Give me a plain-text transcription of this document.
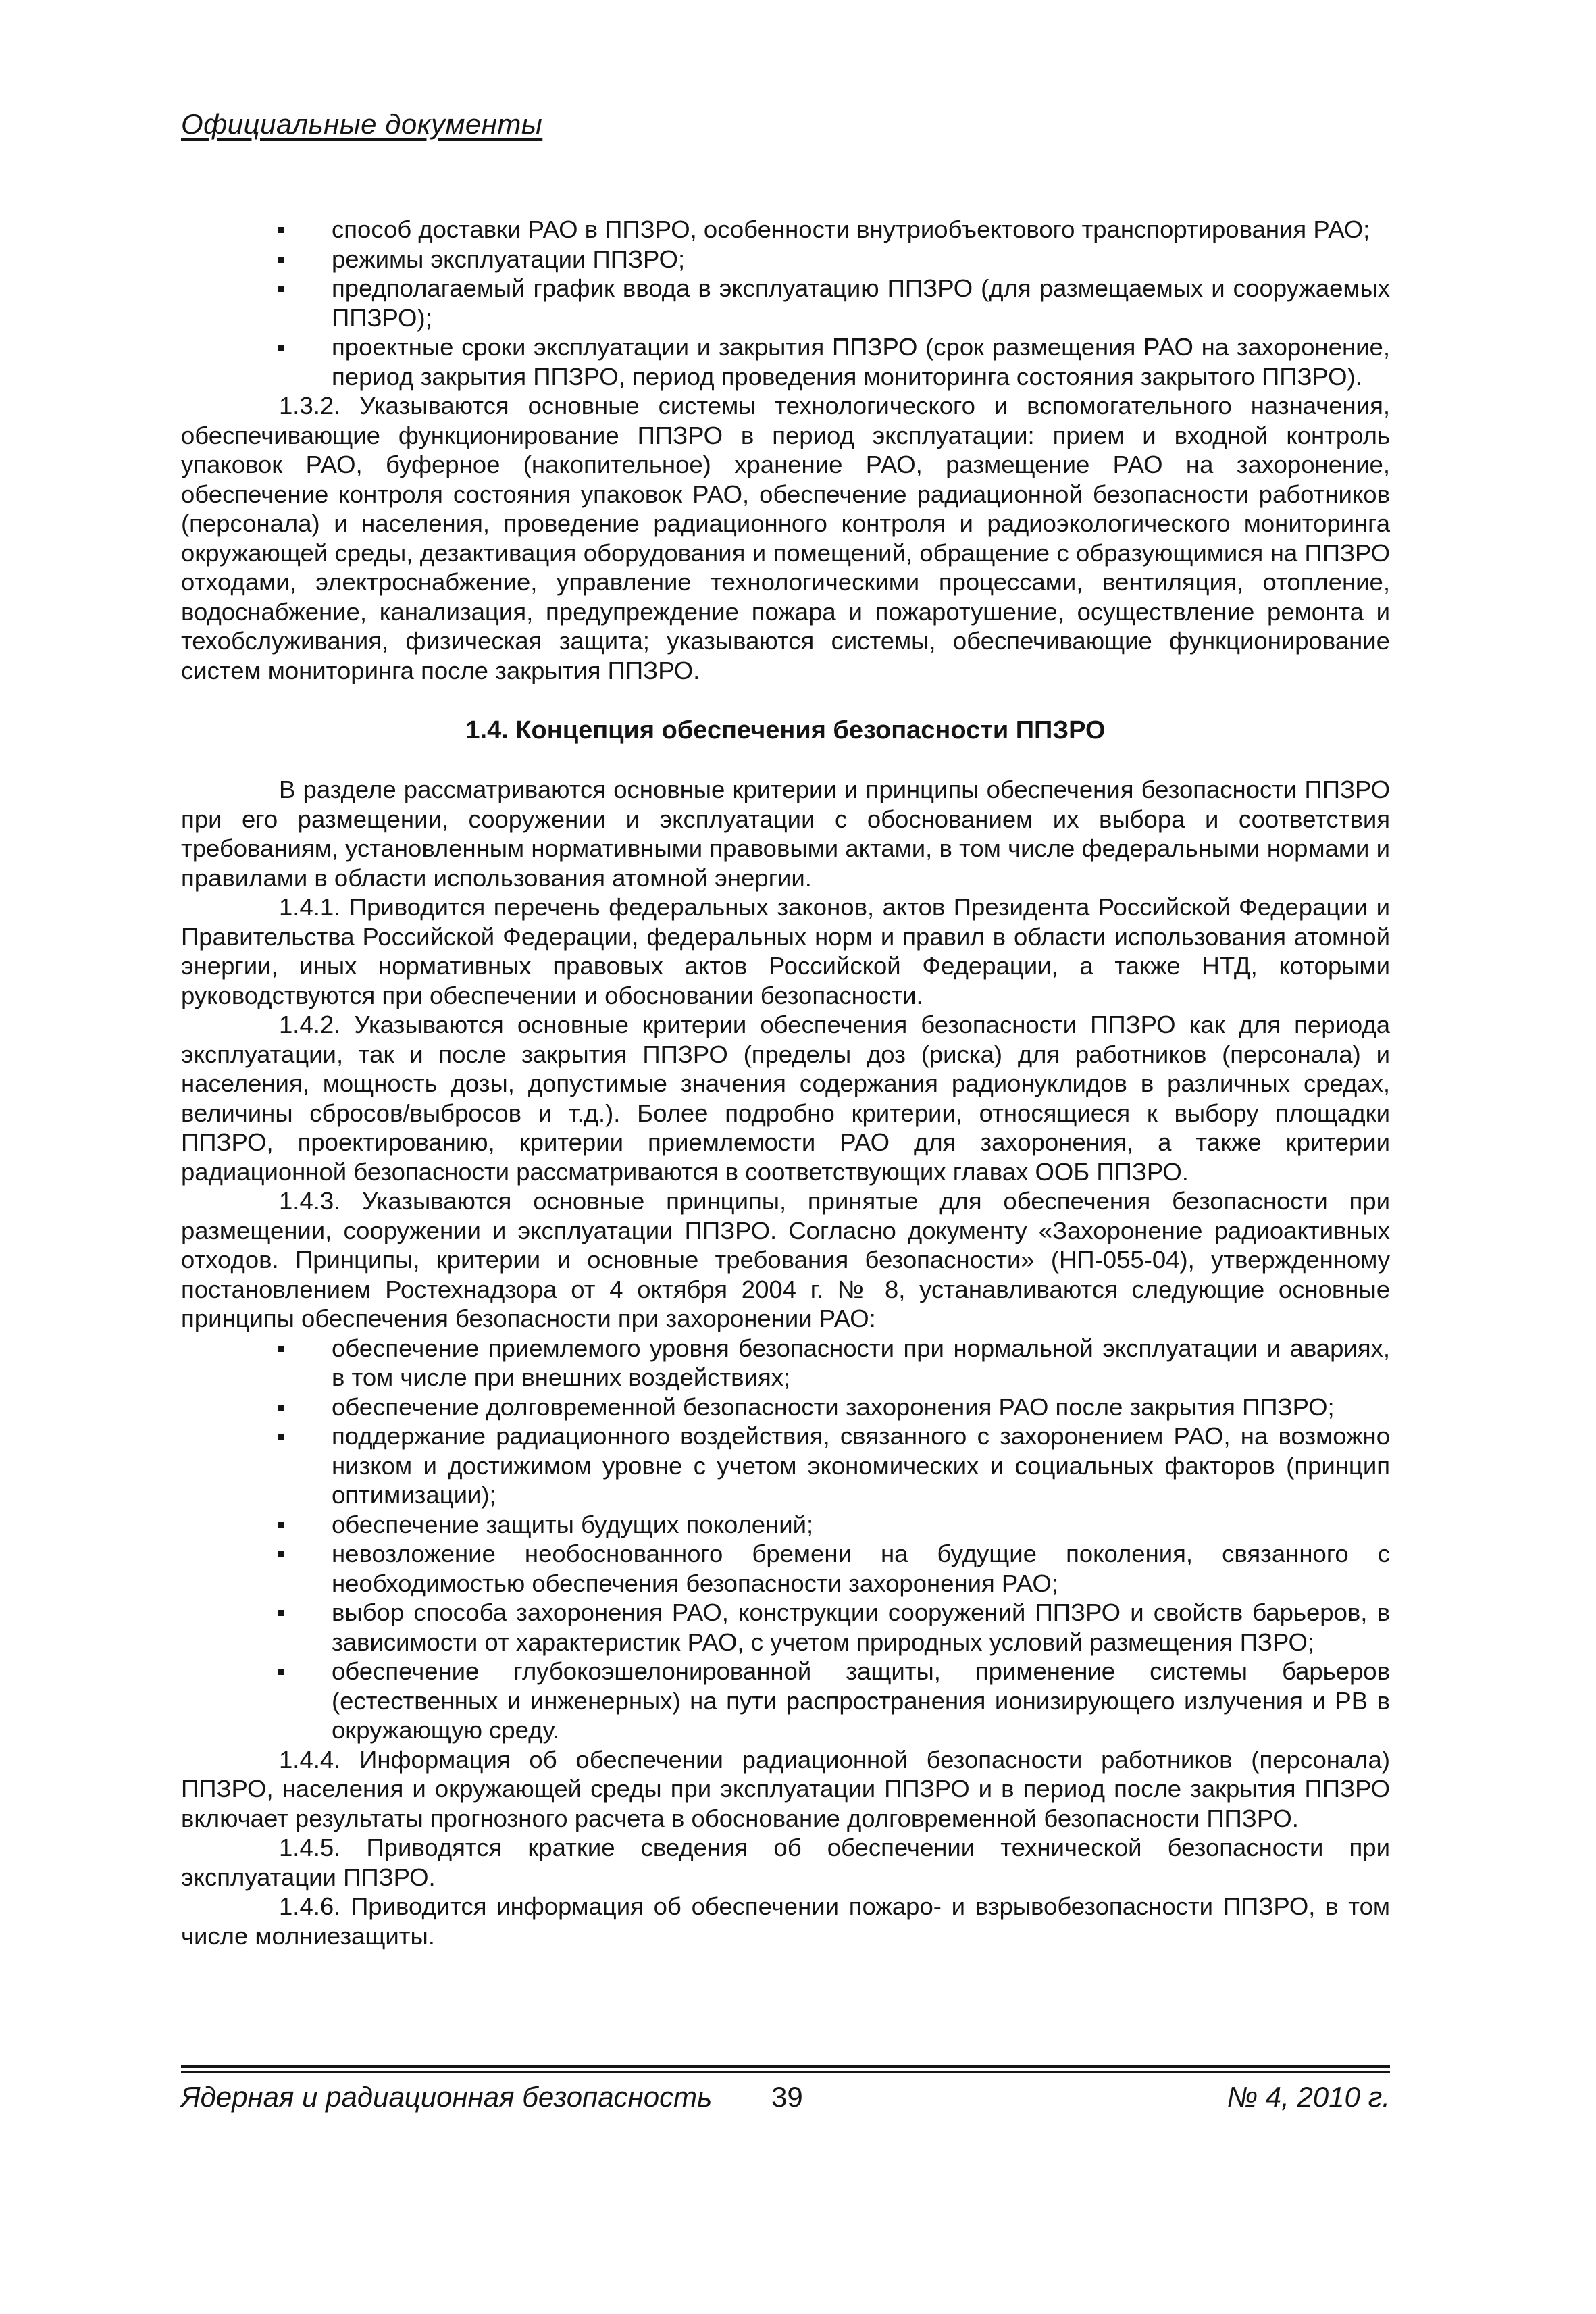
Официальные документы
способ доставки РАО в ППЗРО, особенности внутриобъектового транспортирования РАО;
режимы эксплуатации ППЗРО;
предполагаемый график ввода в эксплуатацию ППЗРО (для размещаемых и сооружаемых ППЗРО);
проектные сроки эксплуатации и закрытия ППЗРО (срок размещения РАО на захоронение, период закрытия ППЗРО, период проведения мониторинга состояния закрытого ППЗРО).

1.3.2. Указываются основные системы технологического и вспомогательного назначения, обеспечивающие функционирование ППЗРО в период эксплуатации: прием и входной контроль упаковок РАО, буферное (накопительное) хранение РАО, размещение РАО на захоронение, обеспечение контроля состояния упаковок РАО, обеспечение радиационной безопасности работников (персонала) и населения, проведение радиационного контроля и радиоэкологического мониторинга окружающей среды, дезактивация оборудования и помещений, обращение с образующимися на ППЗРО отходами, электроснабжение, управление технологическими процессами, вентиляция, отопление, водоснабжение, канализация, предупреждение пожара и пожаротушение, осуществление ремонта и техобслуживания, физическая защита; указываются системы, обеспечивающие функционирование систем мониторинга после закрытия ППЗРО.

1.4. Концепция обеспечения безопасности ППЗРО

В разделе рассматриваются основные критерии и принципы обеспечения безопасности ППЗРО при его размещении, сооружении и эксплуатации с обоснованием их выбора и соответствия требованиям, установленным нормативными правовыми актами, в том числе федеральными нормами и правилами в области использования атомной энергии.

1.4.1. Приводится перечень федеральных законов, актов Президента Российской Федерации и Правительства Российской Федерации, федеральных норм и правил в области использования атомной энергии, иных нормативных правовых актов Российской Федерации, а также НТД, которыми руководствуются при обеспечении и обосновании безопасности.

1.4.2. Указываются основные критерии обеспечения безопасности ППЗРО как для периода эксплуатации, так и после закрытия ППЗРО (пределы доз (риска) для работников (персонала) и населения, мощность дозы, допустимые значения содержания радионуклидов в различных средах, величины сбросов/выбросов и т.д.). Более подробно критерии, относящиеся к выбору площадки ППЗРО, проектированию, критерии приемлемости РАО для захоронения, а также критерии радиационной безопасности рассматриваются в соответствующих главах ООБ ППЗРО.

1.4.3. Указываются основные принципы, принятые для обеспечения безопасности при размещении, сооружении и эксплуатации ППЗРО. Согласно документу «Захоронение радиоактивных отходов. Принципы, критерии и основные требования безопасности» (НП-055-04), утвержденному постановлением Ростехнадзора от 4 октября 2004 г. № 8, устанавливаются следующие основные принципы обеспечения безопасности при захоронении РАО:

обеспечение приемлемого уровня безопасности при нормальной эксплуатации и авариях, в том числе при внешних воздействиях;
обеспечение долговременной безопасности захоронения РАО после закрытия ППЗРО;
поддержание радиационного воздействия, связанного с захоронением РАО, на возможно низком и достижимом уровне с учетом экономических и социальных факторов (принцип оптимизации);
обеспечение защиты будущих поколений;
невозложение необоснованного бремени на будущие поколения, связанного с необходимостью обеспечения безопасности захоронения РАО;
выбор способа захоронения РАО, конструкции сооружений ППЗРО и свойств барьеров, в зависимости от характеристик РАО, с учетом природных условий размещения ПЗРО;
обеспечение глубокоэшелонированной защиты, применение системы барьеров (естественных и инженерных) на пути распространения ионизирующего излучения и РВ в окружающую среду.

1.4.4. Информация об обеспечении радиационной безопасности работников (персонала) ППЗРО, населения и окружающей среды при эксплуатации ППЗРО и в период после закрытия ППЗРО включает результаты прогнозного расчета в обоснование долговременной безопасности ППЗРО.

1.4.5. Приводятся краткие сведения об обеспечении технической безопасности при эксплуатации ППЗРО.

1.4.6. Приводится информация об обеспечении пожаро- и взрывобезопасности ППЗРО, в том числе молниезащиты.

Ядерная и радиационная безопасность 39	№ 4, 2010 г.
